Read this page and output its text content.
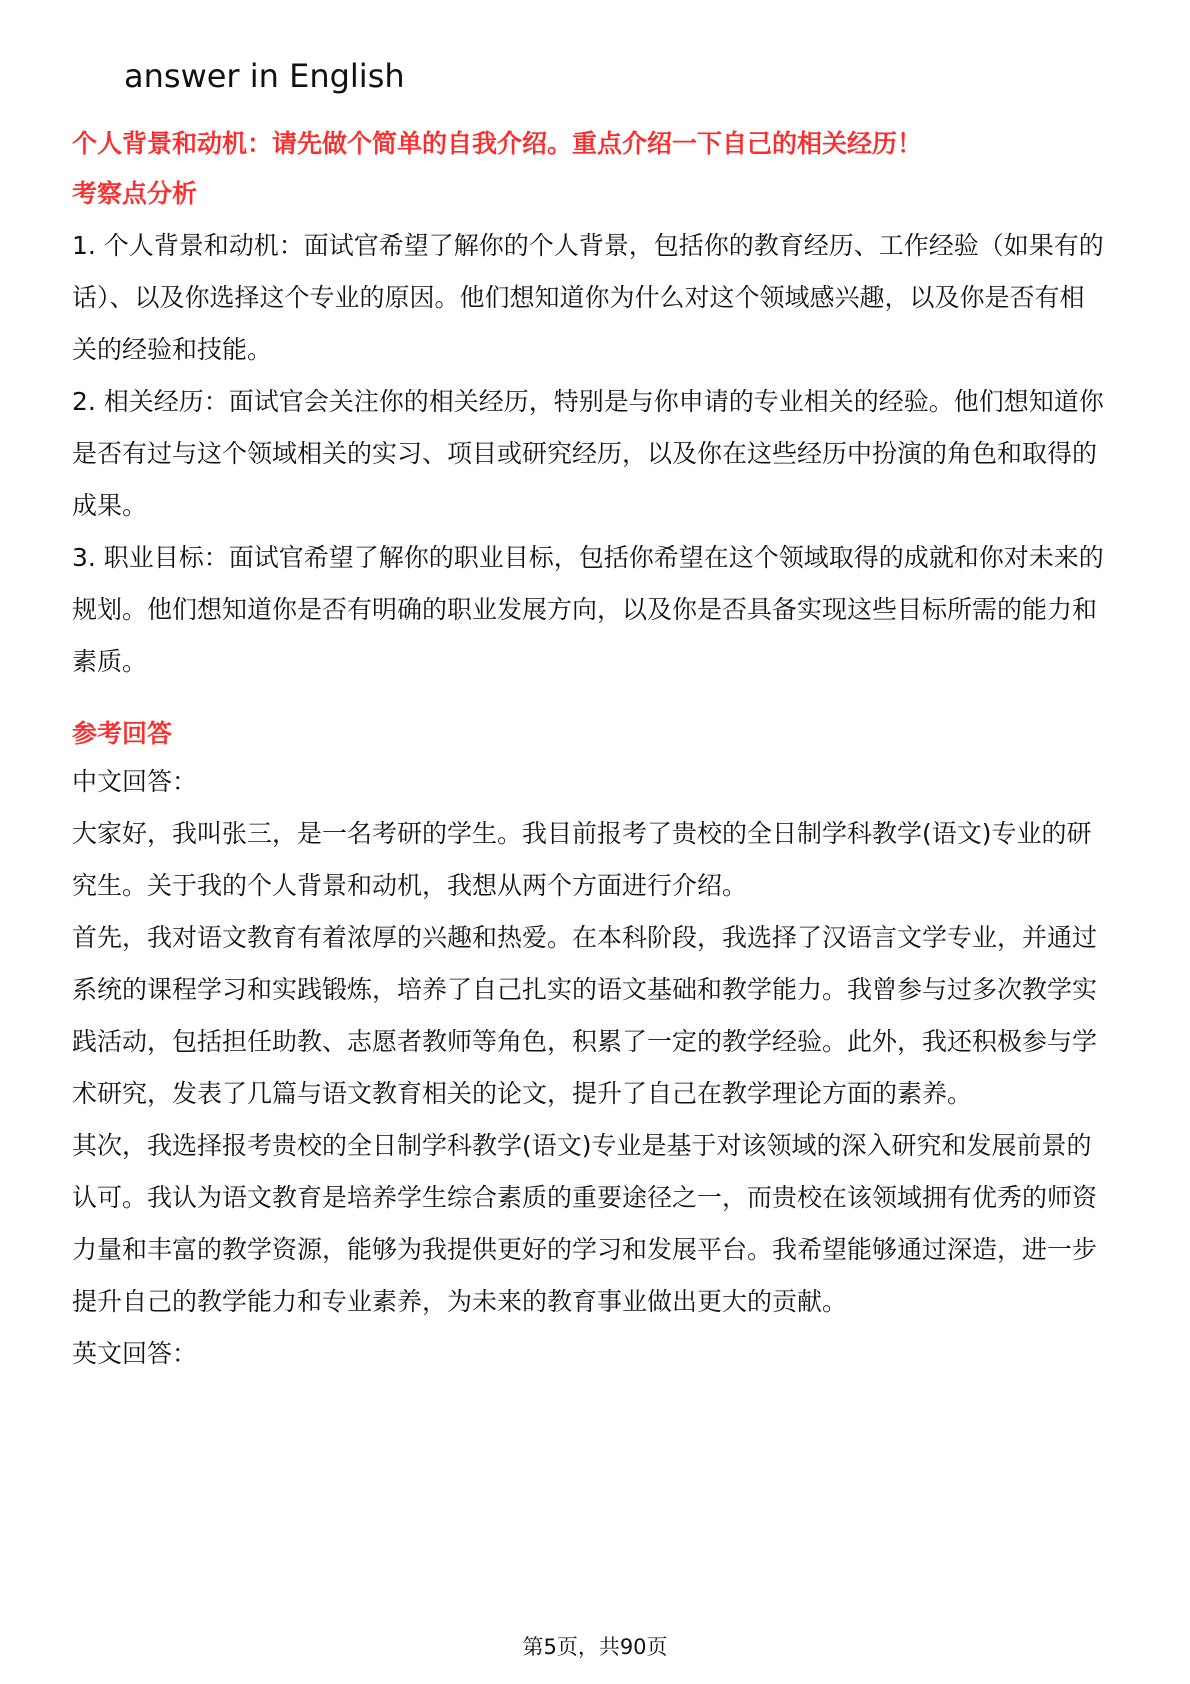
answer in English
个人背景和动机：请先做个简单的自我介绍。重点介绍一下自己的相关经历！
考察点分析
1. 个人背景和动机：面试官希望了解你的个人背景，包括你的教育经历、工作经验（如果有的话）、以及你选择这个专业的原因。他们想知道你为什么对这个领域感兴趣，以及你是否有相关的经验和技能。
2. 相关经历：面试官会关注你的相关经历，特别是与你申请的专业相关的经验。他们想知道你是否有过与这个领域相关的实习、项目或研究经历，以及你在这些经历中扮演的角色和取得的成果。
3. 职业目标：面试官希望了解你的职业目标，包括你希望在这个领域取得的成就和你对未来的规划。他们想知道你是否有明确的职业发展方向，以及你是否具备实现这些目标所需的能力和素质。
参考回答
中文回答：
大家好，我叫张三，是一名考研的学生。我目前报考了贵校的全日制学科教学(语文)专业的研究生。关于我的个人背景和动机，我想从两个方面进行介绍。
首先，我对语文教育有着浓厚的兴趣和热爱。在本科阶段，我选择了汉语言文学专业，并通过系统的课程学习和实践锻炼，培养了自己扎实的语文基础和教学能力。我曾参与过多次教学实践活动，包括担任助教、志愿者教师等角色，积累了一定的教学经验。此外，我还积极参与学术研究，发表了几篇与语文教育相关的论文，提升了自己在教学理论方面的素养。
其次，我选择报考贵校的全日制学科教学(语文)专业是基于对该领域的深入研究和发展前景的认可。我认为语文教育是培养学生综合素质的重要途径之一，而贵校在该领域拥有优秀的师资力量和丰富的教学资源，能够为我提供更好的学习和发展平台。我希望能够通过深造，进一步提升自己的教学能力和专业素养，为未来的教育事业做出更大的贡献。
英文回答：
第5页，共90页
